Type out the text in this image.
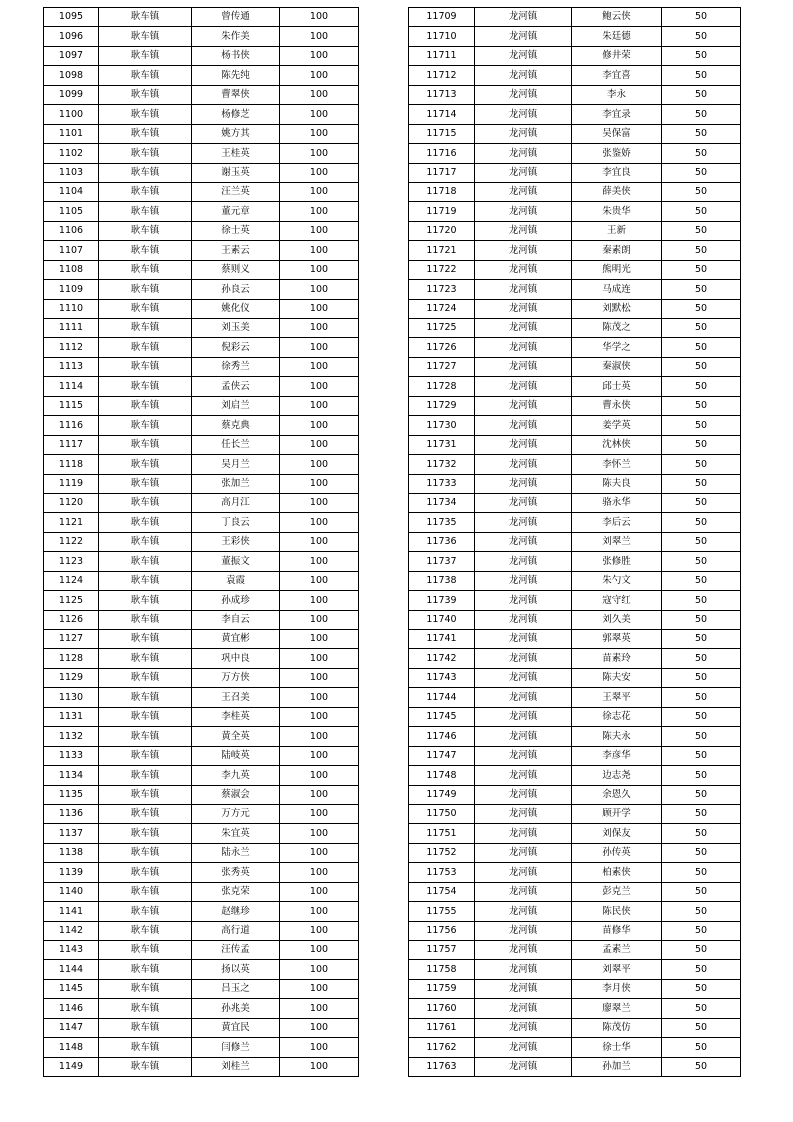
1095	耿车镇	曾传通	100
1096	耿车镇	朱作美	100
1097	耿车镇	杨书侠	100
1098	耿车镇	陈先纯	100
1099	耿车镇	曹翠侠	100
1100	耿车镇	杨修芝	100
1101	耿车镇	姚方其	100
1102	耿车镇	王桂英	100
1103	耿车镇	谢玉英	100
1104	耿车镇	汪兰英	100
1105	耿车镇	董元章	100
1106	耿车镇	徐士英	100
1107	耿车镇	王素云	100
1108	耿车镇	蔡则义	100
1109	耿车镇	孙良云	100
1110	耿车镇	姚化仪	100
1111	耿车镇	刘玉美	100
1112	耿车镇	倪彩云	100
1113	耿车镇	徐秀兰	100
1114	耿车镇	孟侠云	100
1115	耿车镇	刘启兰	100
1116	耿车镇	蔡克典	100
1117	耿车镇	任长兰	100
1118	耿车镇	吴月兰	100
1119	耿车镇	张加兰	100
1120	耿车镇	高月江	100
1121	耿车镇	丁良云	100
1122	耿车镇	王彩侠	100
1123	耿车镇	董振文	100
1124	耿车镇	袁霞	100
1125	耿车镇	孙成珍	100
1126	耿车镇	李自云	100
1127	耿车镇	黄宜彬	100
1128	耿车镇	巩中良	100
1129	耿车镇	万方侠	100
1130	耿车镇	王召美	100
1131	耿车镇	李桂英	100
1132	耿车镇	黄全英	100
1133	耿车镇	陆岐英	100
1134	耿车镇	李九英	100
1135	耿车镇	蔡淑会	100
1136	耿车镇	万方元	100
1137	耿车镇	朱宜英	100
1138	耿车镇	陆永兰	100
1139	耿车镇	张秀英	100
1140	耿车镇	张克荣	100
1141	耿车镇	赵继珍	100
1142	耿车镇	高行道	100
1143	耿车镇	汪传孟	100
1144	耿车镇	扬以英	100
1145	耿车镇	吕玉之	100
1146	耿车镇	孙兆美	100
1147	耿车镇	黄宜民	100
1148	耿车镇	闫修兰	100
1149	耿车镇	刘桂兰	100
11709	龙河镇	鲍云侠	50
11710	龙河镇	朱廷德	50
11711	龙河镇	修井荣	50
11712	龙河镇	李宜喜	50
11713	龙河镇	李永	50
11714	龙河镇	李宜录	50
11715	龙河镇	吴保富	50
11716	龙河镇	张鉴娇	50
11717	龙河镇	李宜良	50
11718	龙河镇	薛美侠	50
11719	龙河镇	朱贵华	50
11720	龙河镇	王新	50
11721	龙河镇	秦素朗	50
11722	龙河镇	熊明光	50
11723	龙河镇	马成连	50
11724	龙河镇	刘默松	50
11725	龙河镇	陈茂之	50
11726	龙河镇	华学之	50
11727	龙河镇	秦淑侠	50
11728	龙河镇	邱士英	50
11729	龙河镇	曹永侠	50
11730	龙河镇	姜学英	50
11731	龙河镇	沈林侠	50
11732	龙河镇	李怀兰	50
11733	龙河镇	陈夫良	50
11734	龙河镇	骆永华	50
11735	龙河镇	李后云	50
11736	龙河镇	刘翠兰	50
11737	龙河镇	张修胜	50
11738	龙河镇	朱勺文	50
11739	龙河镇	寇守红	50
11740	龙河镇	刘久美	50
11741	龙河镇	郭翠英	50
11742	龙河镇	苗素玲	50
11743	龙河镇	陈夫安	50
11744	龙河镇	王翠平	50
11745	龙河镇	徐志花	50
11746	龙河镇	陈夫永	50
11747	龙河镇	李彦华	50
11748	龙河镇	边志尧	50
11749	龙河镇	余恩久	50
11750	龙河镇	顾开学	50
11751	龙河镇	刘保友	50
11752	龙河镇	孙传英	50
11753	龙河镇	柏素侠	50
11754	龙河镇	彭克兰	50
11755	龙河镇	陈民侠	50
11756	龙河镇	苗修华	50
11757	龙河镇	孟素兰	50
11758	龙河镇	刘翠平	50
11759	龙河镇	李月侠	50
11760	龙河镇	廖翠兰	50
11761	龙河镇	陈茂仿	50
11762	龙河镇	徐士华	50
11763	龙河镇	孙加兰	50
